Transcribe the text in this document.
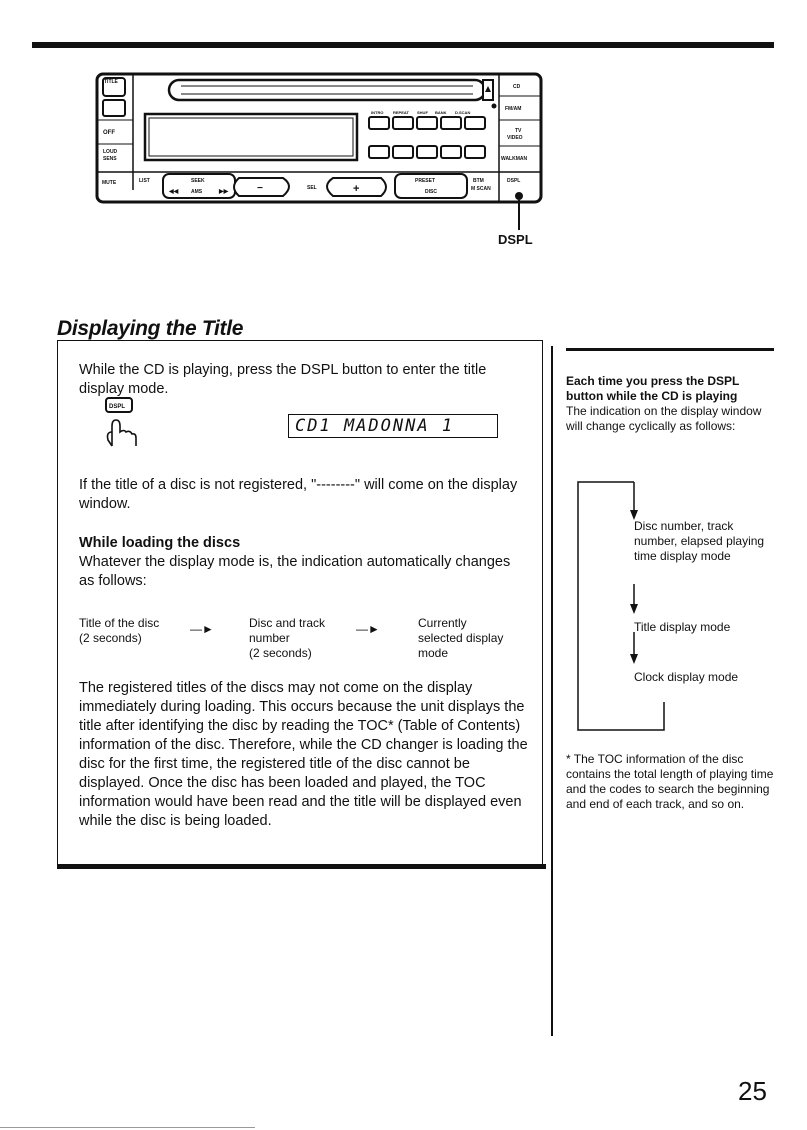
TITLE
OFF
LOUD
SENS
MUTE
INTRO REPEAT SHUF BANK D.SCAN
LIST	SEEK
AMS
◀◀	▶▶	−	SEL	+
PRESET
DISC
BTM
M SCAN
CD
FM/AM
TV
VIDEO
WALKMAN
DSPL
DSPL
Displaying the Title
While the CD is playing, press the DSPL button to enter the title display mode.
DSPL
CD1 MADONNA 1
If the title of a disc is not registered, "--------" will come on the display window.
While loading the discs
Whatever the display mode is, the indication automatically changes as follows:
Title of the disc
(2 seconds)
—►	Disc and track
number
(2 seconds)
—►	Currently
selected display
mode
The registered titles of the discs may not come on the display immediately during loading. This occurs because the unit displays the title after identifying the disc by reading the TOC* (Table of Contents) information of the disc. Therefore, while the CD changer is loading the disc for the first time, the registered title of the disc cannot be displayed. Once the disc has been loaded and played, the TOC information would have been read and the title will be displayed even while the disc is being loaded.
Each time you press the DSPL button while the CD is playing
The indication on the display window will change cyclically as follows:
Disc number, track number, elapsed playing time display mode
Title display mode
Clock display mode
* The TOC information of the disc contains the total length of playing time and the codes to search the beginning and end of each track, and so on.
25
